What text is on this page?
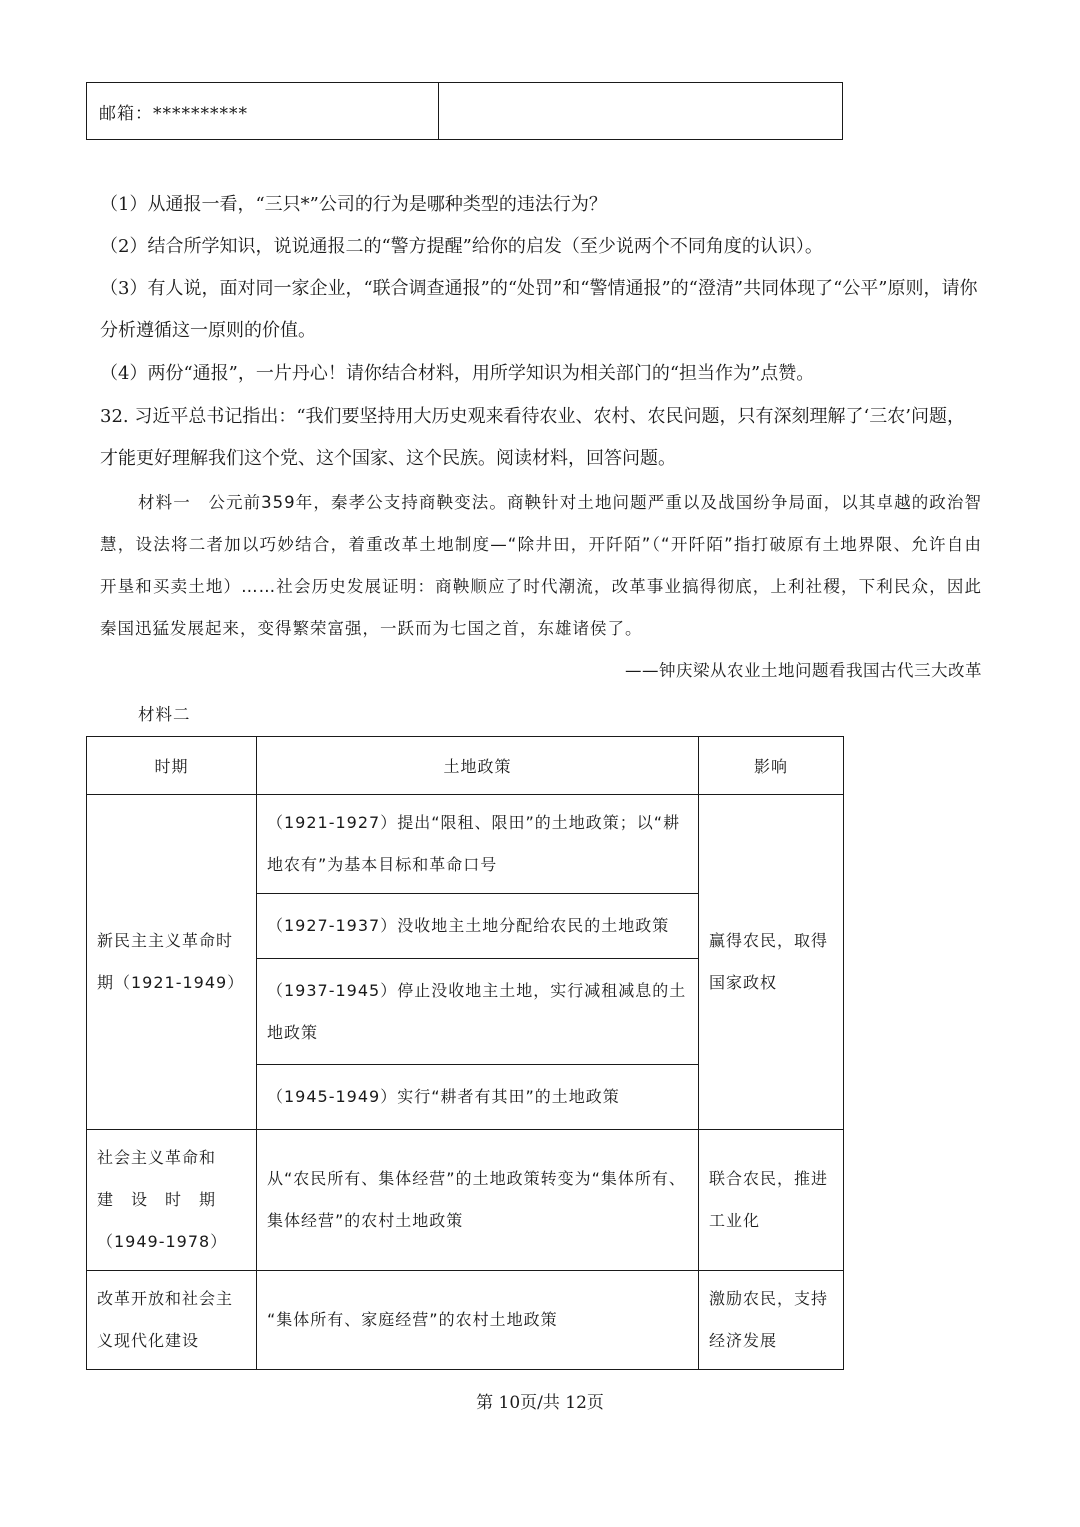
邮箱：**********	
（1）从通报一看，“三只*”公司的行为是哪种类型的违法行为？
（2）结合所学知识，说说通报二的“警方提醒”给你的启发（至少说两个不同角度的认识）。
（3）有人说，面对同一家企业，“联合调查通报”的“处罚”和“警情通报”的“澄清”共同体现了“公平”原则，请你分析遵循这一原则的价值。
（4）两份“通报”，一片丹心！请你结合材料，用所学知识为相关部门的“担当作为”点赞。
32. 习近平总书记指出：“我们要坚持用大历史观来看待农业、农村、农民问题，只有深刻理解了‘三农’问题，才能更好理解我们这个党、这个国家、这个民族。阅读材料，回答问题。
材料一　公元前359年，秦孝公支持商鞅变法。商鞅针对土地问题严重以及战国纷争局面，以其卓越的政治智慧，设法将二者加以巧妙结合，着重改革土地制度—“除井田，开阡陌”（“开阡陌”指打破原有土地界限、允许自由开垦和买卖土地）……社会历史发展证明：商鞅顺应了时代潮流，改革事业搞得彻底，上利社稷，下利民众，因此秦国迅猛发展起来，变得繁荣富强，一跃而为七国之首，东雄诸侯了。
——钟庆梁从农业土地问题看我国古代三大改革
材料二
时期	土地政策	影响
新民主主义革命时期（1921-1949）	（1921-1927）提出“限租、限田”的土地政策；以“耕地农有”为基本目标和革命口号	赢得农民，取得国家政权
	（1927-1937）没收地主土地分配给农民的土地政策	
	（1937-1945）停止没收地主土地，实行减租减息的土地政策	
	（1945-1949）实行“耕者有其田”的土地政策	

社会主义革命和
建　设　时　期
（1949-1978）	从“农民所有、集体经营”的土地政策转变为“集体所有、集体经营”的农村土地政策	联合农民，推进工业化
改革开放和社会主义现代化建设	“集体所有、家庭经营”的农村土地政策	激励农民，支持经济发展
第 10页/共 12页
